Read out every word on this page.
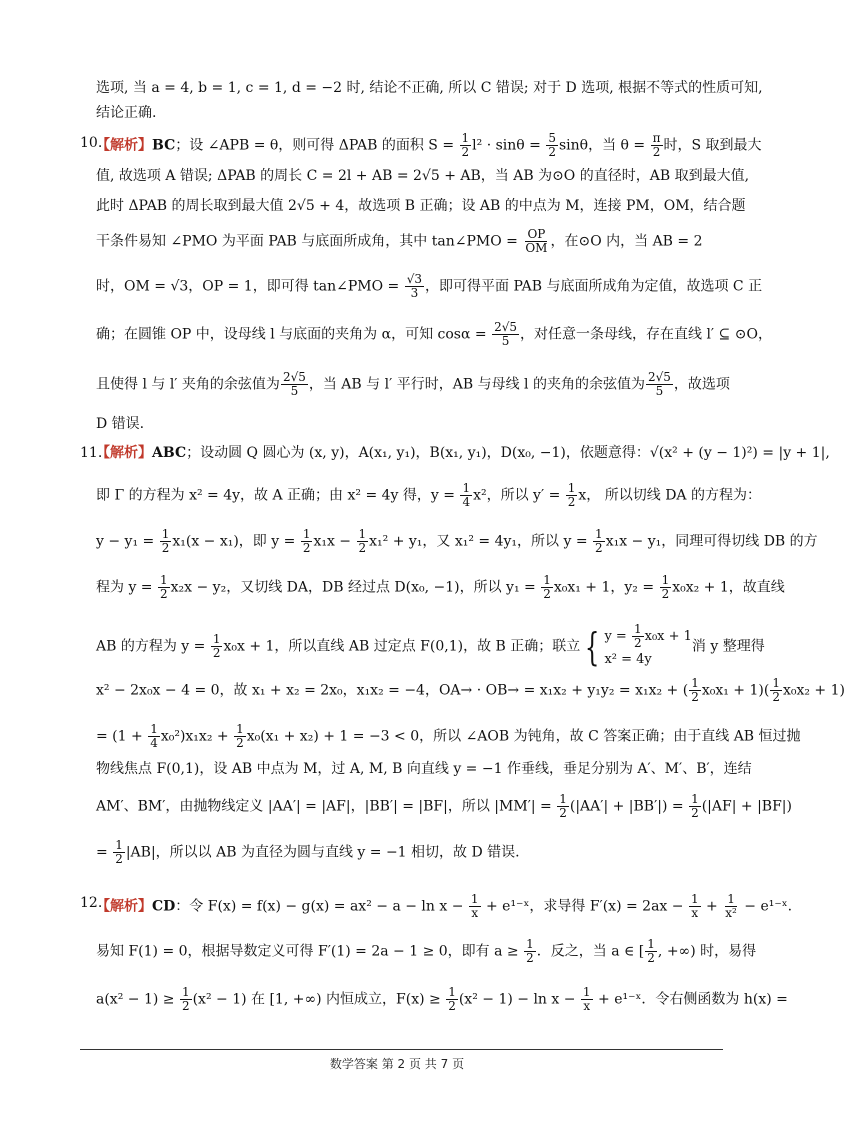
选项, 当 a = 4, b = 1, c = 1, d = −2 时, 结论不正确, 所以 C 错误; 对于 D 选项, 根据不等式的性质可知,
结论正确.
10.
【解析】BC；设 ∠APB = θ，则可得 ΔPAB 的面积 $S = \frac{1}{2} l^2 \cdot \sin\theta = \frac{5}{2}$ sinθ，当 $\theta = \frac{\pi}{2}$ 时，S 取到最大
值, 故选项 A 错误; ΔPAB 的周长 C = 2l + AB = 2√5 + AB，当 AB 为⊙O 的直径时，AB 取到最大值,
此时 ΔPAB 的周长取到最大值 2√5 + 4，故选项 B 正确；设 AB 的中点为 M，连接 PM，OM，结合题
干条件易知 ∠PMO 为平面 PAB 与底面所成角，其中 tan∠PMO = $\frac{OP}{OM}$ ，在⊙O 内，当 AB = 2
时，OM = √3，OP = 1，即可得 tan∠PMO = $\frac{√3}{3}$ ，即可得平面 PAB 与底面所成角为定值，故选项 C 正
确；在圆锥 OP 中，设母线 l 与底面的夹角为 α，可知 $\cos\alpha = \frac{2√5}{5}$ ，对任意一条母线，存在直线 l′ ⊆ ⊙O，
且使得 l 与 l′ 夹角的余弦值为 $\frac{2√5}{5}$ ，当 AB 与 l′ 平行时，AB 与母线 l 的夹角的余弦值为 $\frac{2√5}{5}$ ，故选项
D 错误.
11.
【解析】ABC；设动圆 Q 圆心为 (x, y)，A(x₁, y₁)，B(x₁, y₁)，D(x₀, −1)，依题意得：√(x² + (y − 1)²) = |y + 1|,
即 Γ 的方程为 x² = 4y，故 A 正确；由 x² = 4y 得，$y = \frac{1}{4} x^2$，所以 $y' = \frac{1}{2}$ x， 所以切线 DA 的方程为：
$y - y_1 = \frac{1}{2} x_1(x - x_1)$，即 $y = \frac{1}{2} x_1x - \frac{1}{2} x_1^2 + y_1$，又 x₁² = 4y₁，所以 $y = \frac{1}{2} x_1x - y_1$，同理可得切线 DB 的方
程为 $y = \frac{1}{2} x_2x - y_2$，又切线 DA，DB 经过点 D(x₀, −1)，所以 $y_1 = \frac{1}{2} x_0x_1 + 1$，$y_2 = \frac{1}{2} x_0x_2 + 1$，故直线
AB 的方程为 $y = \frac{1}{2} x_0x + 1$，所以直线 AB 过定点 F(0,1)，故 B 正确；联立 { $y = \frac{1}{2} x_0x + 1$
x² = 4y
消 y 整理得
x² − 2x₀x − 4 = 0，故 x₁ + x₂ = 2x₀，x₁x₂ = −4，OA→ · OB→ = x₁x₂ + y₁y₂ = x₁x₂ + ( $\frac{1}{2} x_0x_1 + 1)( \frac{1}{2} x_0x_2 + 1)$
= $(1 + \frac{1}{4} x_0^2)x_1x_2 + \frac{1}{2} x_0(x_1 + x_2) + 1 = -3 < 0$，所以 ∠AOB 为钝角，故 C 答案正确；由于直线 AB 恒过抛
物线焦点 F(0,1)，设 AB 中点为 M，过 A, M, B 向直线 y = −1 作垂线，垂足分别为 A′、M′、B′，连结
AM′、BM′，由抛物线定义 |AA′| = |AF|，|BB′| = |BF|，所以 $|MM'| = \frac{1}{2} (|AA'| + |BB'|) = \frac{1}{2} (|AF| + |BF|)$
= $\frac{1}{2} |AB|$，所以以 AB 为直径为圆与直线 y = −1 相切，故 D 错误.
12.
【解析】CD：令 $F(x) = f(x) - g(x) = ax^2 - a - \ln x - \frac{1}{x}$ + e¹⁻ˣ，求导得 $F'(x) = 2ax - \frac{1}{x} + \frac{1}{\text{x²}}$ − e¹⁻ˣ.
易知 F(1) = 0，根据导数定义可得 F′(1) = 2a − 1 ≥ 0，即有 $a \ge \frac{1}{2}$ ．反之，当 a ∈ [ $\frac{1}{2}$ , +∞) 时，易得
$a(x^2 - 1) \ge \frac{1}{2} (x^2 - 1)$ 在 [1, +∞) 内恒成立，$F(x) \ge \frac{1}{2} (x^2 - 1) - \ln x - \frac{1}{x}$ + e¹⁻ˣ．令右侧函数为 h(x) =
数学答案 第 2 页 共 7 页
